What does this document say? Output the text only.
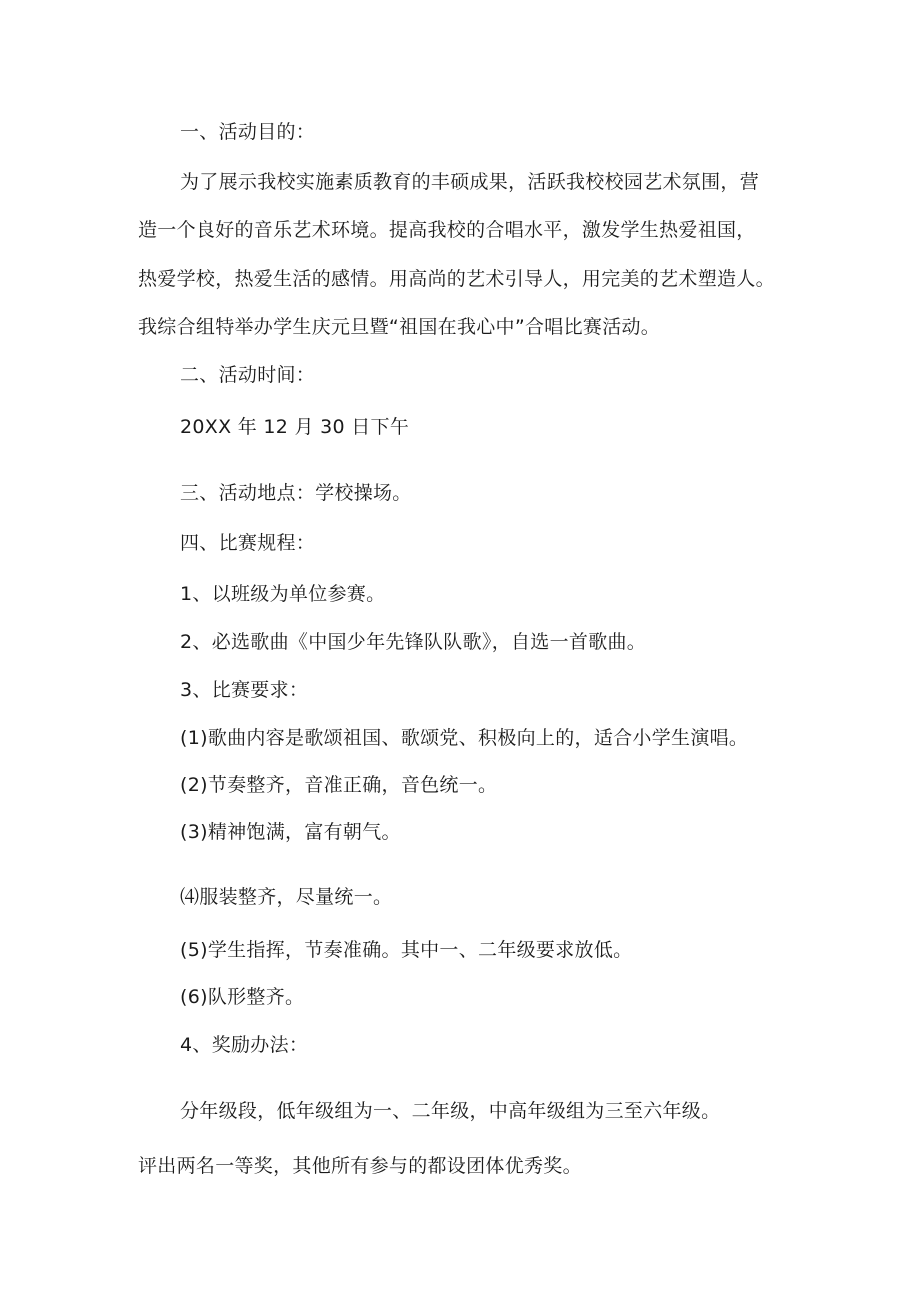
一、活动目的：
为了展示我校实施素质教育的丰硕成果，活跃我校校园艺术氛围，营
造一个良好的音乐艺术环境。提高我校的合唱水平，激发学生热爱祖国，
热爱学校，热爱生活的感情。用高尚的艺术引导人，用完美的艺术塑造人。
我综合组特举办学生庆元旦暨“祖国在我心中”合唱比赛活动。
二、活动时间：
20XX 年 12 月 30 日下午
三、活动地点：学校操场。
四、比赛规程：
1、以班级为单位参赛。
2、必选歌曲《中国少年先锋队队歌》，自选一首歌曲。
3、比赛要求：
(1)歌曲内容是歌颂祖国、歌颂党、积极向上的，适合小学生演唱。
(2)节奏整齐，音准正确，音色统一。
(3)精神饱满，富有朝气。
⑷服装整齐，尽量统一。
(5)学生指挥，节奏准确。其中一、二年级要求放低。
(6)队形整齐。
4、奖励办法：
分年级段，低年级组为一、二年级，中高年级组为三至六年级。
评出两名一等奖，其他所有参与的都设团体优秀奖。
